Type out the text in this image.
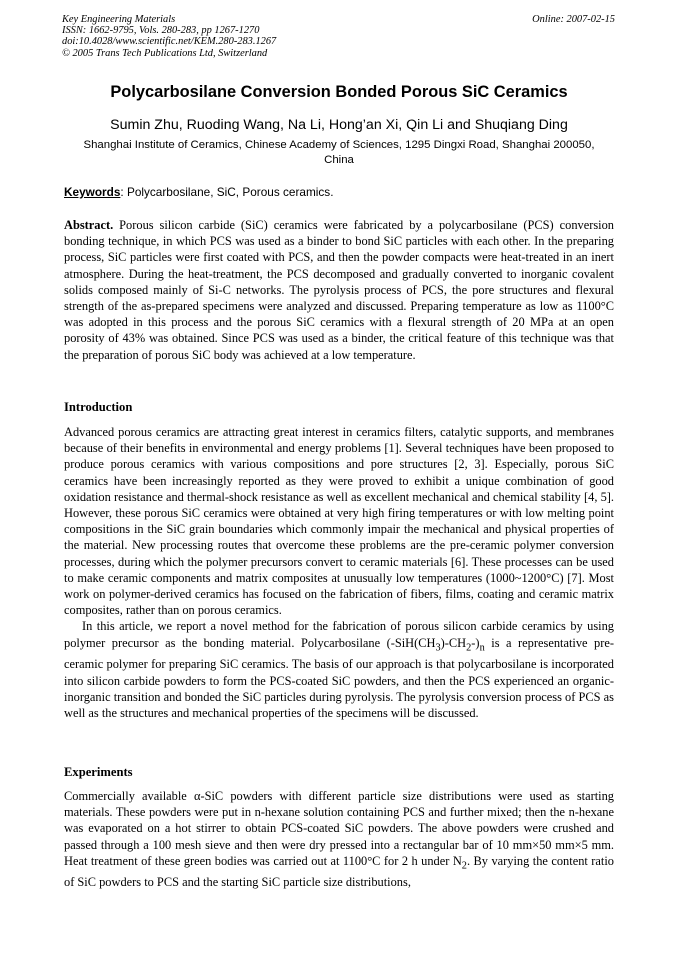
Key Engineering Materials
ISSN: 1662-9795, Vols. 280-283, pp 1267-1270
doi:10.4028/www.scientific.net/KEM.280-283.1267
© 2005 Trans Tech Publications Ltd, Switzerland
Online: 2007-02-15
Polycarbosilane Conversion Bonded Porous SiC Ceramics
Sumin Zhu, Ruoding Wang, Na Li, Hong’an Xi, Qin Li and Shuqiang Ding
Shanghai Institute of Ceramics, Chinese Academy of Sciences, 1295 Dingxi Road, Shanghai 200050, China
Keywords: Polycarbosilane, SiC, Porous ceramics.

Abstract. Porous silicon carbide (SiC) ceramics were fabricated by a polycarbosilane (PCS) conversion bonding technique, in which PCS was used as a binder to bond SiC particles with each other. In the preparing process, SiC particles were first coated with PCS, and then the powder compacts were heat-treated in an inert atmosphere. During the heat-treatment, the PCS decomposed and gradually converted to inorganic covalent solids composed mainly of Si-C networks. The pyrolysis process of PCS, the pore structures and flexural strength of the as-prepared specimens were analyzed and discussed. Preparing temperature as low as 1100°C was adopted in this process and the porous SiC ceramics with a flexural strength of 20 MPa at an open porosity of 43% was obtained. Since PCS was used as a binder, the critical feature of this technique was that the preparation of porous SiC body was achieved at a low temperature.

Introduction

Advanced porous ceramics are attracting great interest in ceramics filters, catalytic supports, and membranes because of their benefits in environmental and energy problems [1]. Several techniques have been proposed to produce porous ceramics with various compositions and pore structures [2, 3]. Especially, porous SiC ceramics have been increasingly reported as they were proved to exhibit a unique combination of good oxidation resistance and thermal-shock resistance as well as excellent mechanical and chemical stability [4, 5]. However, these porous SiC ceramics were obtained at very high firing temperatures or with low melting point compositions in the SiC grain boundaries which commonly impair the mechanical and physical properties of the material. New processing routes that overcome these problems are the pre-ceramic polymer conversion processes, during which the polymer precursors convert to ceramic materials [6]. These processes can be used to make ceramic components and matrix composites at unusually low temperatures (1000~1200°C) [7]. Most work on polymer-derived ceramics has focused on the fabrication of fibers, films, coating and ceramic matrix composites, rather than on porous ceramics.

In this article, we report a novel method for the fabrication of porous silicon carbide ceramics by using polymer precursor as the bonding material. Polycarbosilane $(-SiH(CH_3)-CH_2-)_n$ is a representative pre-ceramic polymer for preparing SiC ceramics. The basis of our approach is that polycarbosilane is incorporated into silicon carbide powders to form the PCS-coated SiC powders, and then the PCS experienced an organic-inorganic transition and bonded the SiC particles during pyrolysis. The pyrolysis conversion process of PCS as well as the structures and mechanical properties of the specimens will be discussed.

Experiments

Commercially available α-SiC powders with different particle size distributions were used as starting materials. These powders were put in n-hexane solution containing PCS and further mixed; then the n-hexane was evaporated on a hot stirrer to obtain PCS-coated SiC powders. The above powders were crushed and passed through a 100 mesh sieve and then were dry pressed into a rectangular bar of 10 mm×50 mm×5 mm. Heat treatment of these green bodies was carried out at 1100°C for 2 h under $N_2$. By varying the content ratio of SiC powders to PCS and the starting SiC particle size distributions,
